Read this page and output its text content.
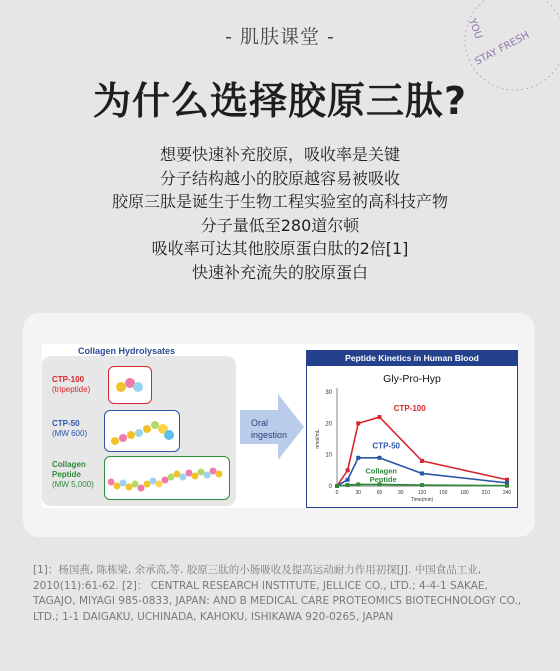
YOU
STAY FRESH
- 肌肤课堂 -
为什么选择胶原三肽?
想要快速补充胶原，吸收率是关键
分子结构越小的胶原越容易被吸收
胶原三肽是诞生于生物工程实验室的高科技产物
分子量低至280道尔顿
吸收率可达其他胶原蛋白肽的2倍[1]
快速补充流失的胶原蛋白
Collagen Hydrolysates
CTP-100
(tripeptide)
CTP-50
(MW 600)
Collagen Peptide
(MW 5,000)
Oral
ingestion
Peptide Kinetics in Human Blood
Gly-Pro-Hyp
0
10
20
30
0	30	60	90	120	150	180	210	240
Time(min)
nmol/mL
CTP-100
CTP-50
Collagen
Peptide
[1]：杨国燕, 陈栋梁, 余承高,等. 胶原三肽的小肠吸收及提高运动耐力作用初探[J]. 中国食品工业, 2010(11):61-62. [2]： CENTRAL RESEARCH INSTITUTE, JELLICE CO., LTD.; 4-4-1 SAKAE, TAGAJO, MIYAGI 985-0833, JAPAN: AND B MEDICAL CARE PROTEOMICS BIOTECHNOLOGY CO., LTD.; 1-1 DAIGAKU, UCHINADA, KAHOKU, ISHIKAWA 920-0265, JAPAN
